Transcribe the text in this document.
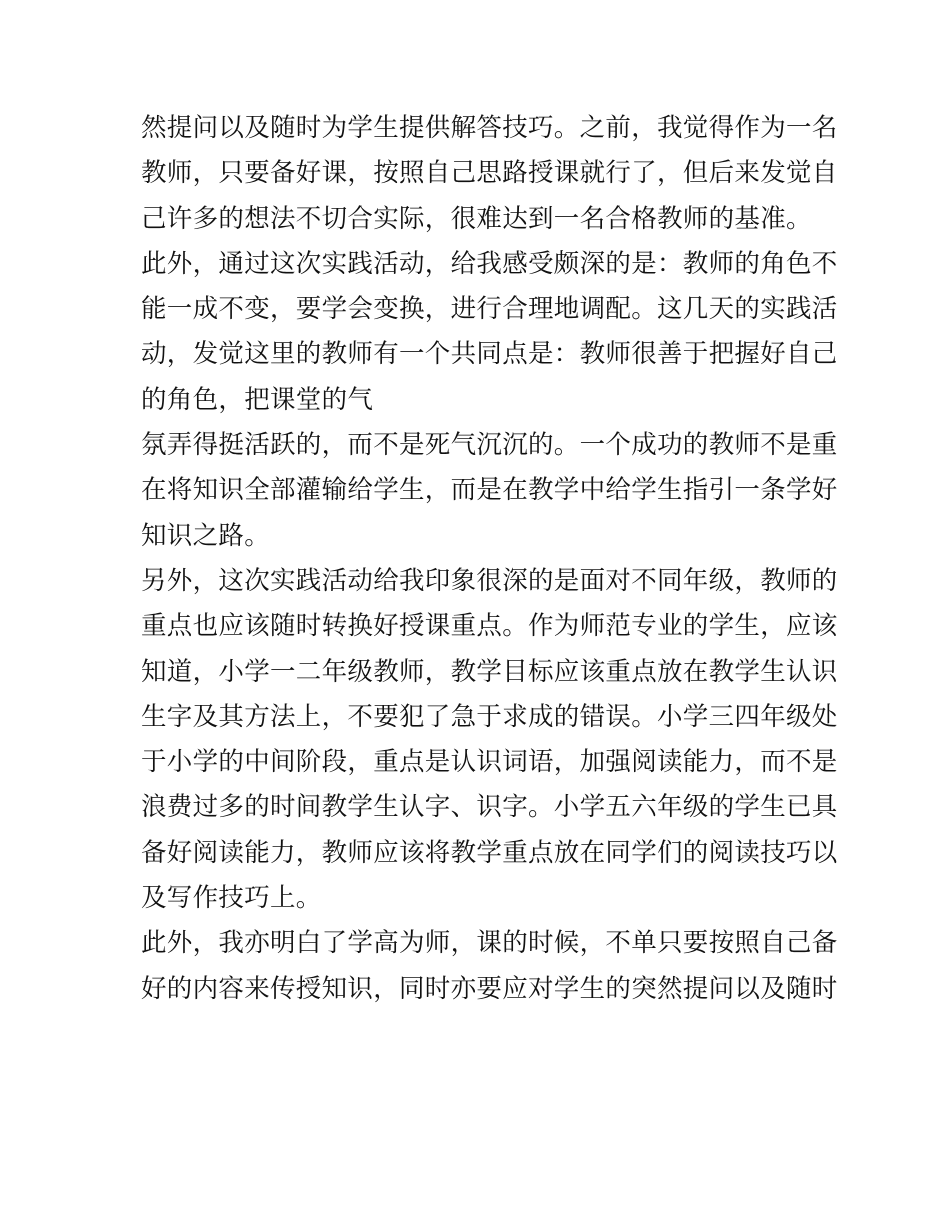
然提问以及随时为学生提供解答技巧。之前，我觉得作为一名
教师，只要备好课，按照自己思路授课就行了，但后来发觉自
己许多的想法不切合实际，很难达到一名合格教师的基准。
此外，通过这次实践活动，给我感受颇深的是：教师的角色不
能一成不变，要学会变换，进行合理地调配。这几天的实践活
动，发觉这里的教师有一个共同点是：教师很善于把握好自己
的角色，把课堂的气
氛弄得挺活跃的，而不是死气沉沉的。一个成功的教师不是重
在将知识全部灌输给学生，而是在教学中给学生指引一条学好
知识之路。
另外，这次实践活动给我印象很深的是面对不同年级，教师的
重点也应该随时转换好授课重点。作为师范专业的学生，应该
知道，小学一二年级教师，教学目标应该重点放在教学生认识
生字及其方法上，不要犯了急于求成的错误。小学三四年级处
于小学的中间阶段，重点是认识词语，加强阅读能力，而不是
浪费过多的时间教学生认字、识字。小学五六年级的学生已具
备好阅读能力，教师应该将教学重点放在同学们的阅读技巧以
及写作技巧上。
此外，我亦明白了学高为师，课的时候，不单只要按照自己备
好的内容来传授知识，同时亦要应对学生的突然提问以及随时
